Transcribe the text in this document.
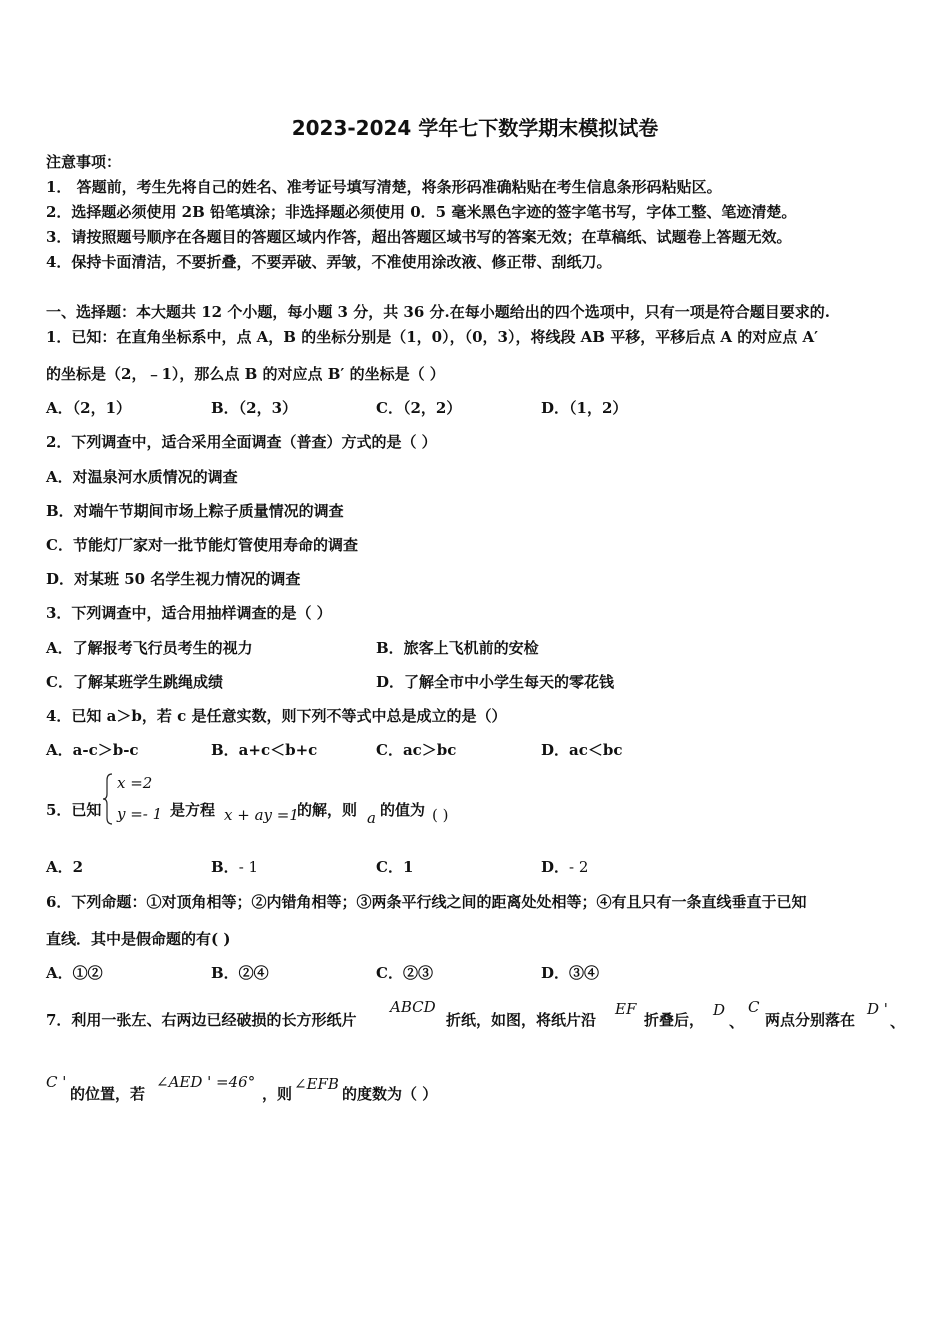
2023-2024 学年七下数学期末模拟试卷
注意事项：
1． 答题前，考生先将自己的姓名、准考证号填写清楚，将条形码准确粘贴在考生信息条形码粘贴区。
2．选择题必须使用 2B 铅笔填涂；非选择题必须使用 0．5 毫米黑色字迹的签字笔书写，字体工整、笔迹清楚。
3．请按照题号顺序在各题目的答题区域内作答，超出答题区域书写的答案无效；在草稿纸、试题卷上答题无效。
4．保持卡面清洁，不要折叠，不要弄破、弄皱，不准使用涂改液、修正带、刮纸刀。
一、选择题：本大题共 12 个小题，每小题 3 分，共 36 分.在每小题给出的四个选项中，只有一项是符合题目要求的.
1．已知：在直角坐标系中，点 A，B 的坐标分别是（1，0），（0，3），将线段 AB 平移，平移后点 A 的对应点 A′
的坐标是（2，﹣1），那么点 B 的对应点 B′ 的坐标是（ ）
A．（2，1）	B．（2，3）	C．（2，2）	D．（1，2）
2．下列调查中，适合采用全面调查（普查）方式的是（ ）
A．对温泉河水质情况的调查
B．对端午节期间市场上粽子质量情况的调查
C．节能灯厂家对一批节能灯管使用寿命的调查
D．对某班 50 名学生视力情况的调查
3．下列调查中，适合用抽样调查的是（ ）
A．了解报考飞行员考生的视力	B．旅客上飞机前的安检
C．了解某班学生跳绳成绩	D．了解全市中小学生每天的零花钱
4．已知 a＞b，若 c 是任意实数，则下列不等式中总是成立的是（）
A．a-c＞b-c	B．a+c＜b+c	C．ac＞bc	D．ac＜bc
5．已知
x =2
y =- 1 是方程 x + ay =1
的解，则 a 的值为 ( )
A．2	B．- 1	C．1	D．- 2
6．下列命题：①对顶角相等；②内错角相等；③两条平行线之间的距离处处相等；④有且只有一条直线垂直于已知
直线．其中是假命题的有( )
A．①②	B．②④	C．②③	D．③④
7．利用一张左、右两边已经破损的长方形纸片
ABCD
折纸，如图，将纸片沿
EF
折叠后，
D
、
C
两点分别落在
D '
、
C '
的位置，若
∠AED ' =46°
，则
∠EFB
的度数为（ ）
